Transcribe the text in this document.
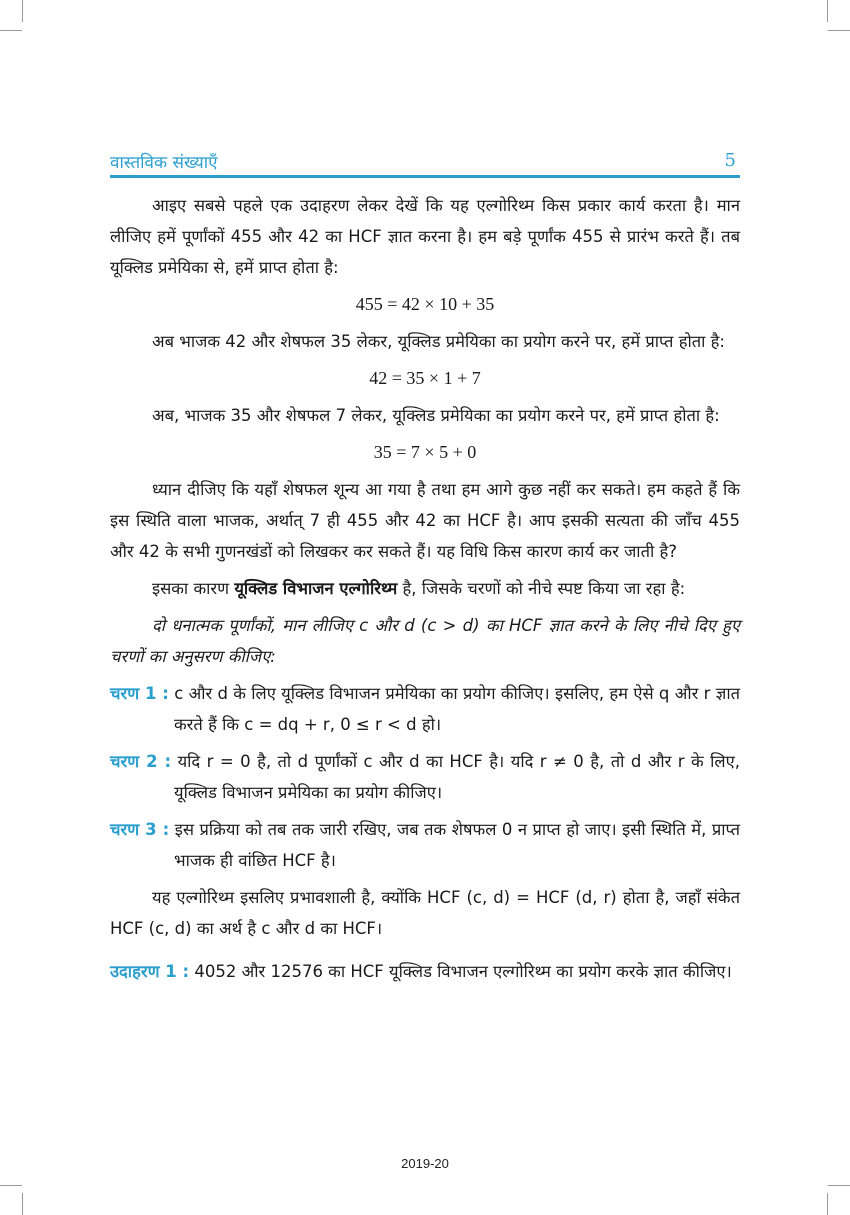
वास्तविक संख्याएँ	5

आइए सबसे पहले एक उदाहरण लेकर देखें कि यह एल्गोरिथ्म किस प्रकार कार्य करता है। मान लीजिए हमें पूर्णांकों 455 और 42 का HCF ज्ञात करना है। हम बड़े पूर्णांक 455 से प्रारंभ करते हैं। तब यूक्लिड प्रमेयिका से, हमें प्राप्त होता है:

455 = 42 × 10 + 35

अब भाजक 42 और शेषफल 35 लेकर, यूक्लिड प्रमेयिका का प्रयोग करने पर, हमें प्राप्त होता है:

42 = 35 × 1 + 7

अब, भाजक 35 और शेषफल 7 लेकर, यूक्लिड प्रमेयिका का प्रयोग करने पर, हमें प्राप्त होता है:

35 = 7 × 5 + 0

ध्यान दीजिए कि यहाँ शेषफल शून्य आ गया है तथा हम आगे कुछ नहीं कर सकते। हम कहते हैं कि इस स्थिति वाला भाजक, अर्थात् 7 ही 455 और 42 का HCF है। आप इसकी सत्यता की जाँच 455 और 42 के सभी गुणनखंडों को लिखकर कर सकते हैं। यह विधि किस कारण कार्य कर जाती है?

इसका कारण यूक्लिड विभाजन एल्गोरिथ्म है, जिसके चरणों को नीचे स्पष्ट किया जा रहा है:

दो धनात्मक पूर्णांकों, मान लीजिए c और d (c > d) का HCF ज्ञात करने के लिए नीचे दिए हुए चरणों का अनुसरण कीजिए:

चरण 1 : c और d के लिए यूक्लिड विभाजन प्रमेयिका का प्रयोग कीजिए। इसलिए, हम ऐसे q और r ज्ञात करते हैं कि c = dq + r, 0 ≤ r < d हो।
चरण 2 : यदि r = 0 है, तो d पूर्णांकों c और d का HCF है। यदि r ≠ 0 है, तो d और r के लिए, यूक्लिड विभाजन प्रमेयिका का प्रयोग कीजिए।
चरण 3 : इस प्रक्रिया को तब तक जारी रखिए, जब तक शेषफल 0 न प्राप्त हो जाए। इसी स्थिति में, प्राप्त भाजक ही वांछित HCF है।

यह एल्गोरिथ्म इसलिए प्रभावशाली है, क्योंकि HCF (c, d) = HCF (d, r) होता है, जहाँ संकेत HCF (c, d) का अर्थ है c और d का HCF।

उदाहरण 1 : 4052 और 12576 का HCF यूक्लिड विभाजन एल्गोरिथ्म का प्रयोग करके ज्ञात कीजिए।
2019-20
